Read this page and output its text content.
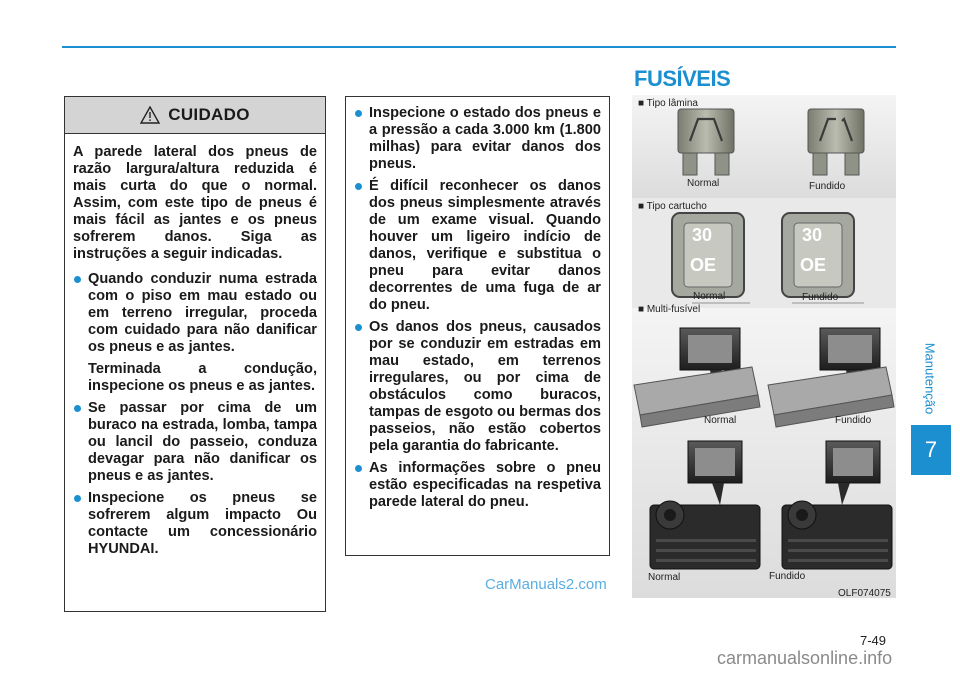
CUIDADO

A parede lateral dos pneus de razão largura/altura reduzida é mais curta do que o normal. Assim, com este tipo de pneus é mais fácil as jantes e os pneus sofrerem danos. Siga as instruções a seguir indicadas.

Quando conduzir numa estrada com o piso em mau estado ou em terreno irregular, proceda com cuidado para não danificar os pneus e as jantes.
Terminada a condução, inspecione os pneus e as jantes.
Se passar por cima de um buraco na estrada, lomba, tampa ou lancil do passeio, conduza devagar para não danificar os pneus e as jantes.
Inspecione os pneus se sofrerem algum impacto Ou contacte um concessionário HYUNDAI.
Inspecione o estado dos pneus e a pressão a cada 3.000 km (1.800 milhas) para evitar danos dos pneus.
É difícil reconhecer os danos dos pneus simplesmente através de um exame visual. Quando houver um ligeiro indício de danos, verifique e substitua o pneu para evitar danos decorrentes de uma fuga de ar do pneu.
Os danos dos pneus, causados por se conduzir em estradas em mau estado, em terrenos irregulares, ou por cima de obstáculos como buracos, tampas de esgoto ou bermas dos passeios, não estão cobertos pela garantia do fabricante.
As informações sobre o pneu estão especificadas na respetiva parede lateral do pneu.
FUSÍVEIS
■ Tipo lâmina
Normal	Fundido
■ Tipo cartucho
30
OE
30
OE
Normal	Fundido
■ Multi-fusível
Normal	Fundido
Normal	Fundido
OLF074075
Manutenção
7
7-49
CarManuals2.com
carmanualsonline.info
